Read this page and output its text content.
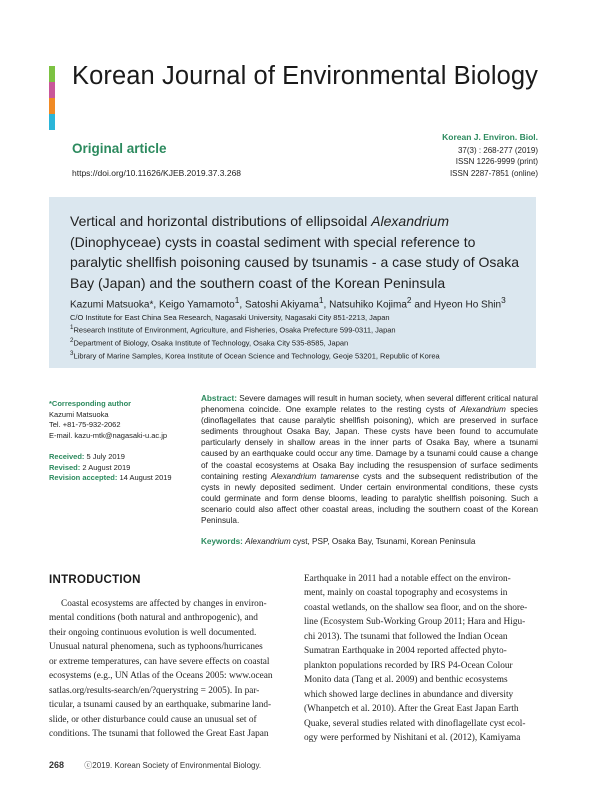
Korean Journal of Environmental Biology
Original article
https://doi.org/10.11626/KJEB.2019.37.3.268
Korean J. Environ. Biol.
37(3) : 268-277 (2019)
ISSN 1226-9999 (print)
ISSN 2287-7851 (online)
Vertical and horizontal distributions of ellipsoidal Alexandrium (Dinophyceae) cysts in coastal sediment with special reference to paralytic shellfish poisoning caused by tsunamis - a case study of Osaka Bay (Japan) and the southern coast of the Korean Peninsula
Kazumi Matsuoka*, Keigo Yamamoto$^1$, Satoshi Akiyama$^1$, Natsuhiko Kojima$^2$ and Hyeon Ho Shin$^3$
C/O Institute for East China Sea Research, Nagasaki University, Nagasaki City 851-2213, Japan
$^1$Research Institute of Environment, Agriculture, and Fisheries, Osaka Prefecture 599-0311, Japan
$^2$Department of Biology, Osaka Institute of Technology, Osaka City 535-8585, Japan
$^3$Library of Marine Samples, Korea Institute of Ocean Science and Technology, Geoje 53201, Republic of Korea
*Corresponding author
Kazumi Matsuoka
Tel. +81-75-932-2062
E-mail. kazu-mtk@nagasaki-u.ac.jp
Received: 5 July 2019
Revised: 2 August 2019
Revision accepted: 14 August 2019
Abstract: Severe damages will result in human society, when several different critical natural phenomena coincide. One example relates to the resting cysts of Alexandrium species (dinoflagellates that cause paralytic shellfish poisoning), which are preserved in surface sediments throughout Osaka Bay, Japan. These cysts have been found to accumulate particularly densely in shallow areas in the inner parts of Osaka Bay, where a tsunami caused by an earthquake could occur any time. Damage by a tsunami could cause a change of the coastal ecosystems at Osaka Bay including the resuspension of surface sediments containing resting Alexandrium tamarense cysts and the subsequent redistribution of the cysts in newly deposited sediment. Under certain environmental conditions, these cysts could germinate and form dense blooms, leading to paralytic shellfish poisoning. Such a scenario could also affect other coastal areas, including the southern coast of the Korean Peninsula.
Keywords: Alexandrium cyst, PSP, Osaka Bay, Tsunami, Korean Peninsula
INTRODUCTION
Coastal ecosystems are affected by changes in environ-
mental conditions (both natural and anthropogenic), and
their ongoing continuous evolution is well documented.
Unusual natural phenomena, such as typhoons/hurricanes
or extreme temperatures, can have severe effects on coastal
ecosystems (e.g., UN Atlas of the Oceans 2005: www.ocean
satlas.org/results-search/en/?querystring = 2005). In par-
ticular, a tsunami caused by an earthquake, submarine land-
slide, or other disturbance could cause an unusual set of
conditions. The tsunami that followed the Great East Japan
Earthquake in 2011 had a notable effect on the environ-
ment, mainly on coastal topography and ecosystems in
coastal wetlands, on the shallow sea floor, and on the shore-
line (Ecosystem Sub-Working Group 2011; Hara and Higu-
chi 2013). The tsunami that followed the Indian Ocean
Sumatran Earthquake in 2004 reported affected phyto-
plankton populations recorded by IRS P4-Ocean Colour
Monito data (Tang et al. 2009) and benthic ecosystems
which showed large declines in abundance and diversity
(Whanpetch et al. 2010). After the Great East Japan Earth
Quake, several studies related with dinoflagellate cyst ecol-
ogy were performed by Nishitani et al. (2012), Kamiyama
268	ⓒ2019. Korean Society of Environmental Biology.
